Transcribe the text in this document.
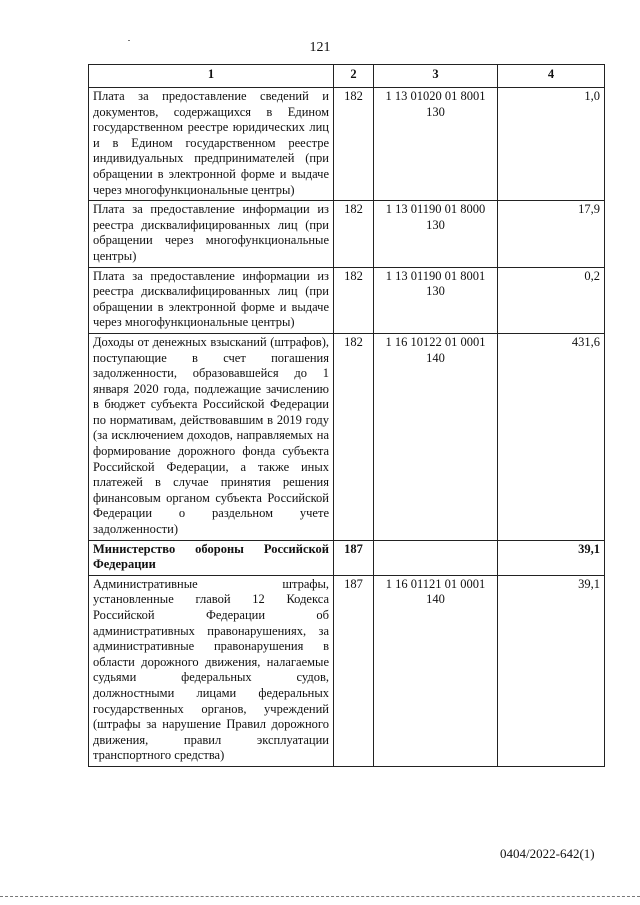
121
1	2	3	4
Плата за предоставление сведений и документов, содержащихся в Едином государственном реестре юридических лиц и в Едином государственном реестре индивидуальных предпринимателей (при обращении в электронной форме и выдаче через многофункциональные центры)	182	1 13 01020 01 8001 130	1,0
Плата за предоставление информации из реестра дисквалифицированных лиц (при обращении через многофункциональные центры)	182	1 13 01190 01 8000 130	17,9
Плата за предоставление информации из реестра дисквалифицированных лиц (при обращении в электронной форме и выдаче через многофункциональные центры)	182	1 13 01190 01 8001 130	0,2
Доходы от денежных взысканий (штрафов), поступающие в счет погашения задолженности, образовавшейся до 1 января 2020 года, подлежащие зачислению в бюджет субъекта Российской Федерации по нормативам, действовавшим в 2019 году (за исключением доходов, направляемых на формирование дорожного фонда субъекта Российской Федерации, а также иных платежей в случае принятия решения финансовым органом субъекта Российской Федерации о раздельном учете задолженности)	182	1 16 10122 01 0001 140	431,6
Министерство обороны Российской Федерации	187		39,1
Административные штрафы, установленные главой 12 Кодекса Российской Федерации об административных правонарушениях, за административные правонарушения в области дорожного движения, налагаемые судьями федеральных судов, должностными лицами федеральных государственных органов, учреждений (штрафы за нарушение Правил дорожного движения, правил эксплуатации транспортного средства)	187	1 16 01121 01 0001 140	39,1
0404/2022-642(1)
